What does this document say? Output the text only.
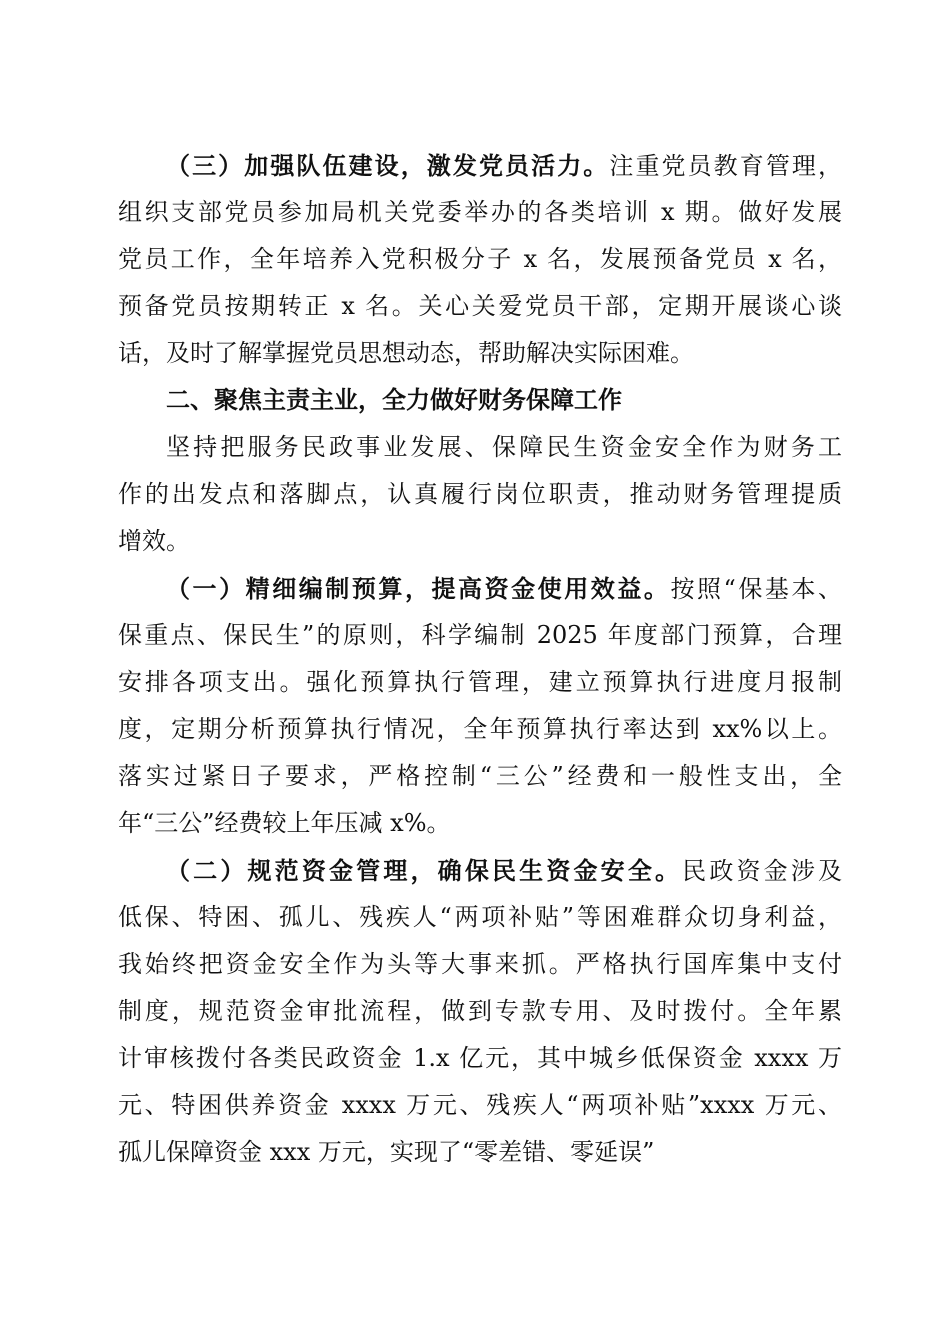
（三）加强队伍建设，激发党员活力。注重党员教育管理，
组织支部党员参加局机关党委举办的各类培训 x 期。做好发展
党员工作，全年培养入党积极分子 x 名，发展预备党员 x 名，
预备党员按期转正 x 名。关心关爱党员干部，定期开展谈心谈
话，及时了解掌握党员思想动态，帮助解决实际困难。
二、聚焦主责主业，全力做好财务保障工作
坚持把服务民政事业发展、保障民生资金安全作为财务工
作的出发点和落脚点，认真履行岗位职责，推动财务管理提质
增效。
（一）精细编制预算，提高资金使用效益。按照“保基本、
保重点、保民生”的原则，科学编制 2025 年度部门预算，合理
安排各项支出。强化预算执行管理，建立预算执行进度月报制
度，定期分析预算执行情况，全年预算执行率达到 xx%以上。
落实过紧日子要求，严格控制“三公”经费和一般性支出，全
年“三公”经费较上年压减 x%。
（二）规范资金管理，确保民生资金安全。民政资金涉及
低保、特困、孤儿、残疾人“两项补贴”等困难群众切身利益，
我始终把资金安全作为头等大事来抓。严格执行国库集中支付
制度，规范资金审批流程，做到专款专用、及时拨付。全年累
计审核拨付各类民政资金 1.x 亿元，其中城乡低保资金 xxxx 万
元、特困供养资金 xxxx 万元、残疾人“两项补贴”xxxx 万元、
孤儿保障资金 xxx 万元，实现了“零差错、零延误”
